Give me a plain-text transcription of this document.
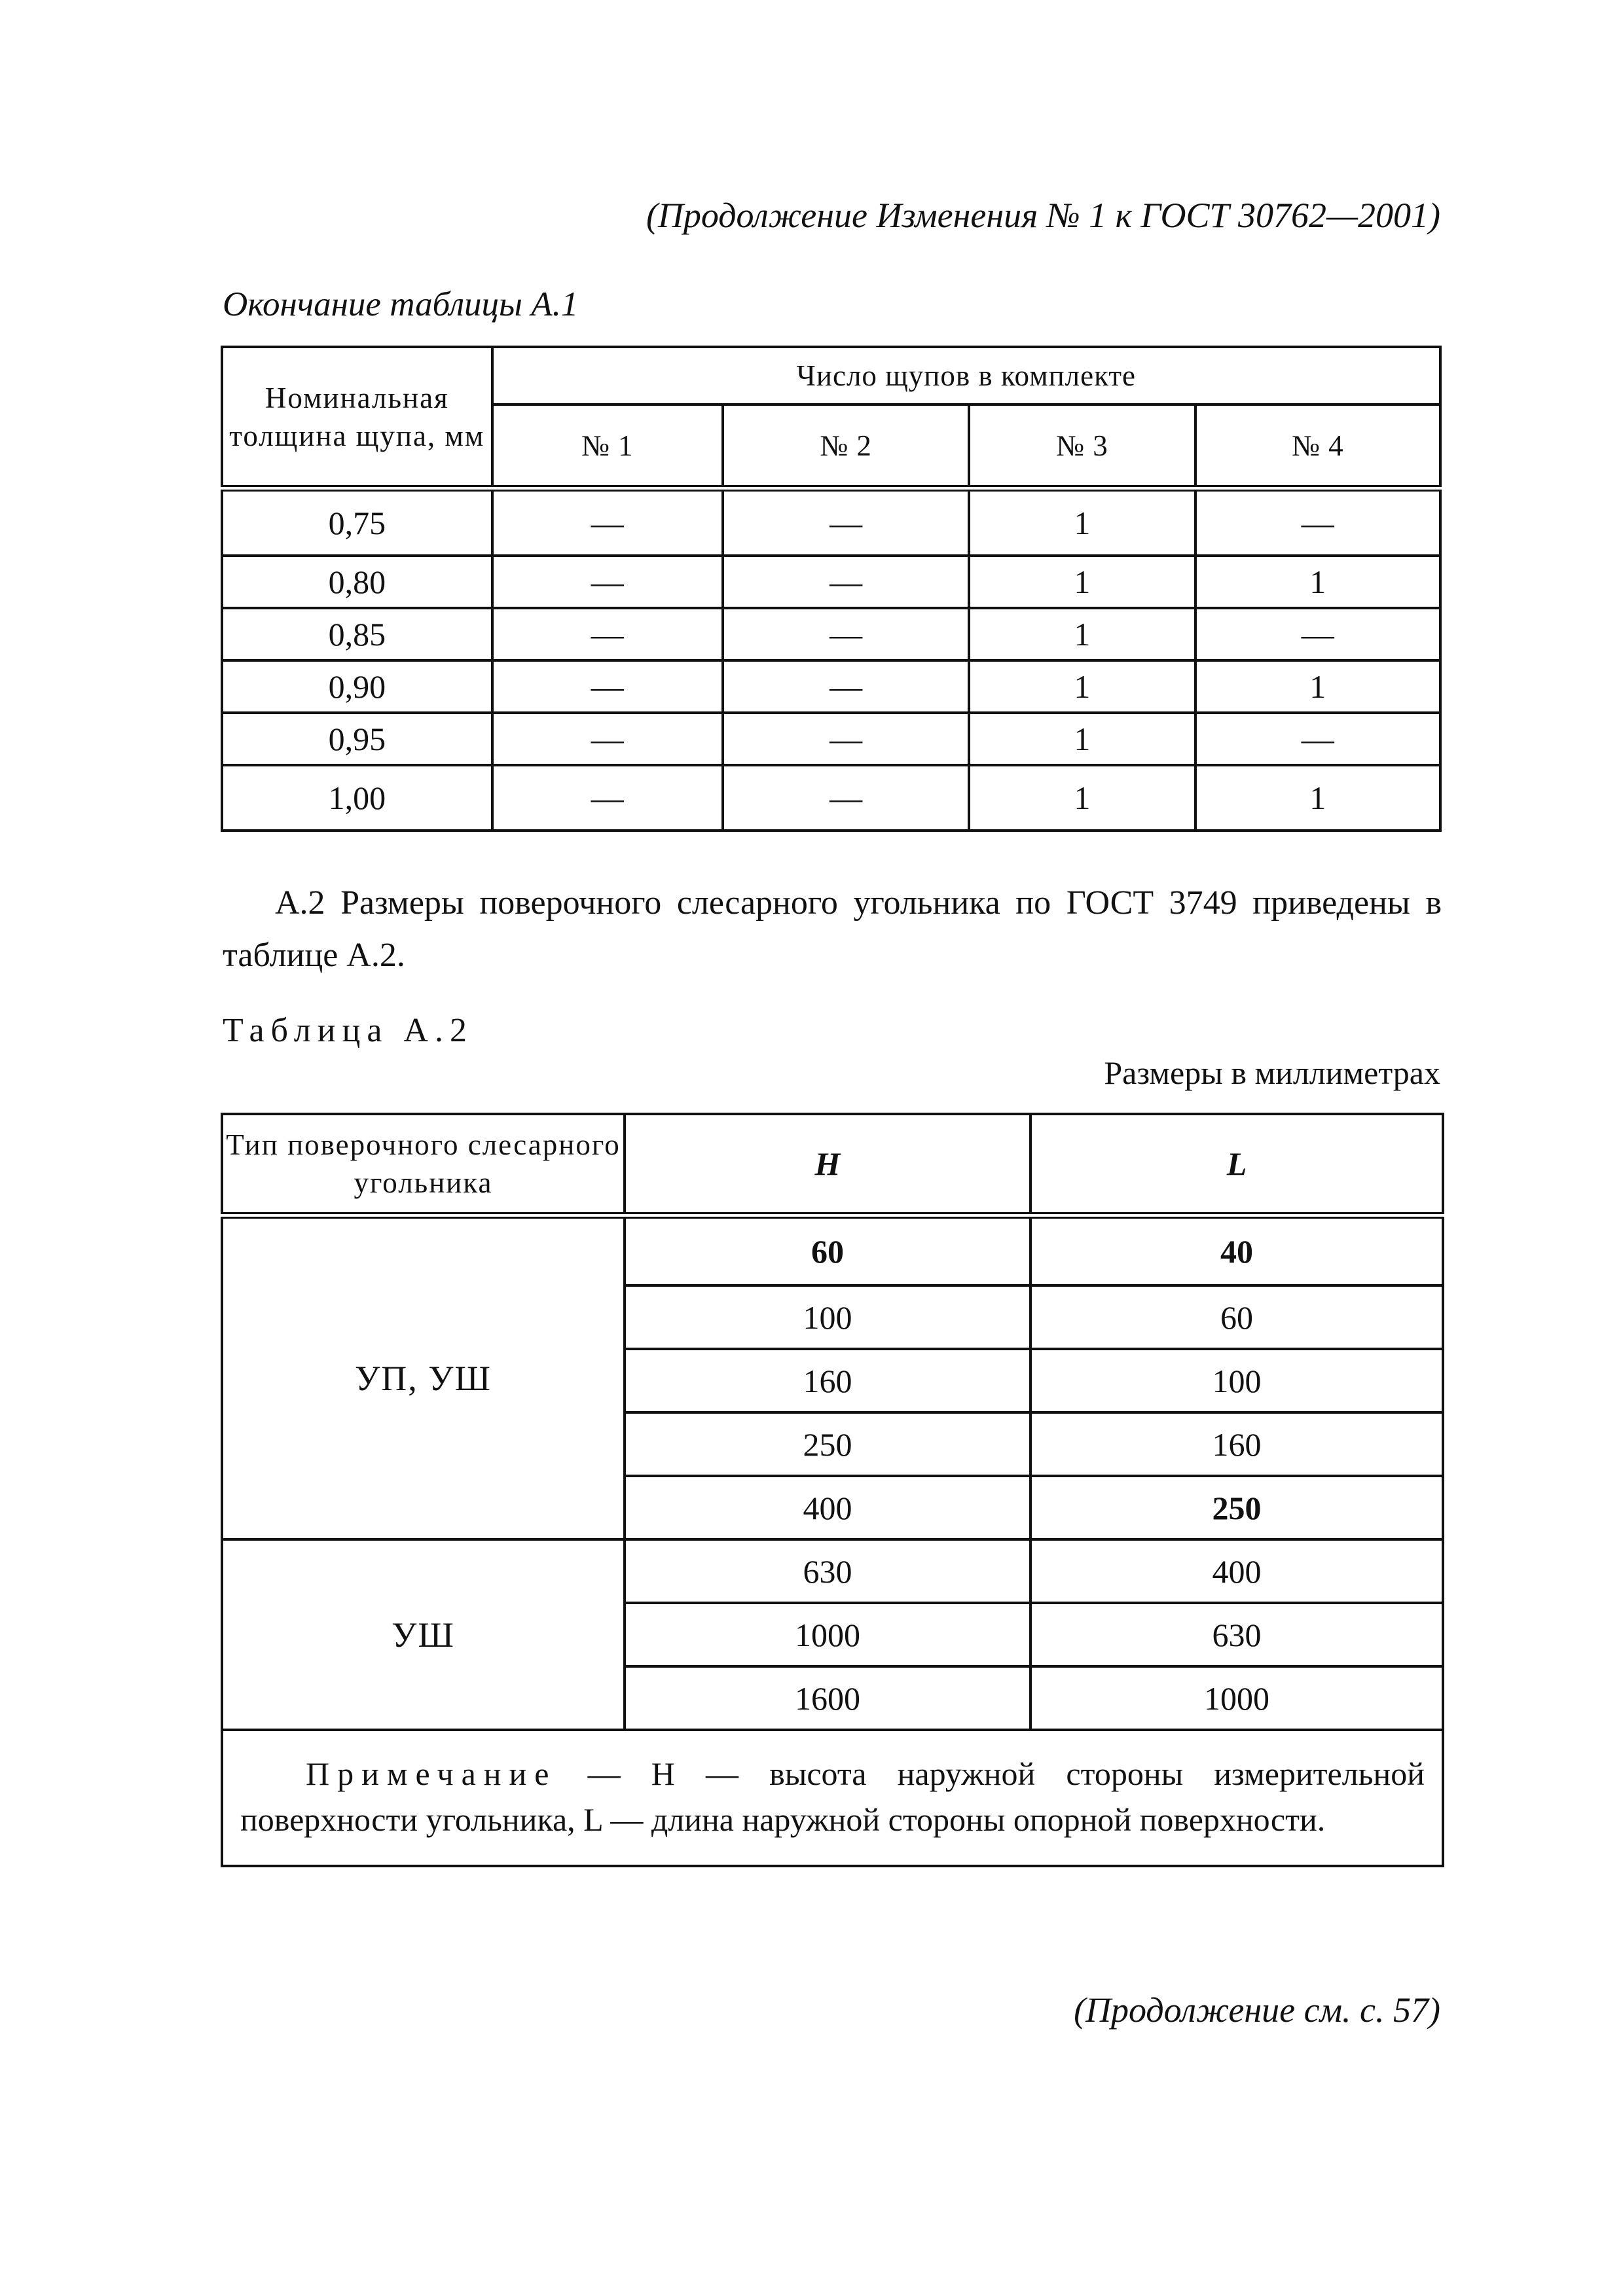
(Продолжение Изменения № 1 к ГОСТ 30762—2001)
Окончание таблицы А.1
Номинальная толщина щупа, мм	Число щупов в комплекте			
	№ 1	№ 2	№ 3	№ 4
0,75	—	—	1	—
0,80	—	—	1	1
0,85	—	—	1	—
0,90	—	—	1	1
0,95	—	—	1	—
1,00	—	—	1	1
А.2 Размеры поверочного слесарного угольника по ГОСТ 3749 приведены в таблице А.2.
Таблица А.2
Размеры в миллиметрах
Тип поверочного слесарного угольника	H	L
УП, УШ	60	40
	100	60
	160	100
	250	160
	400	250
УШ	630	400
	1000	630
	1600	1000
Примечание — H — высота наружной стороны измерительной поверхности угольника, L — длина наружной стороны опорной поверхности.		
(Продолжение см. с. 57)
